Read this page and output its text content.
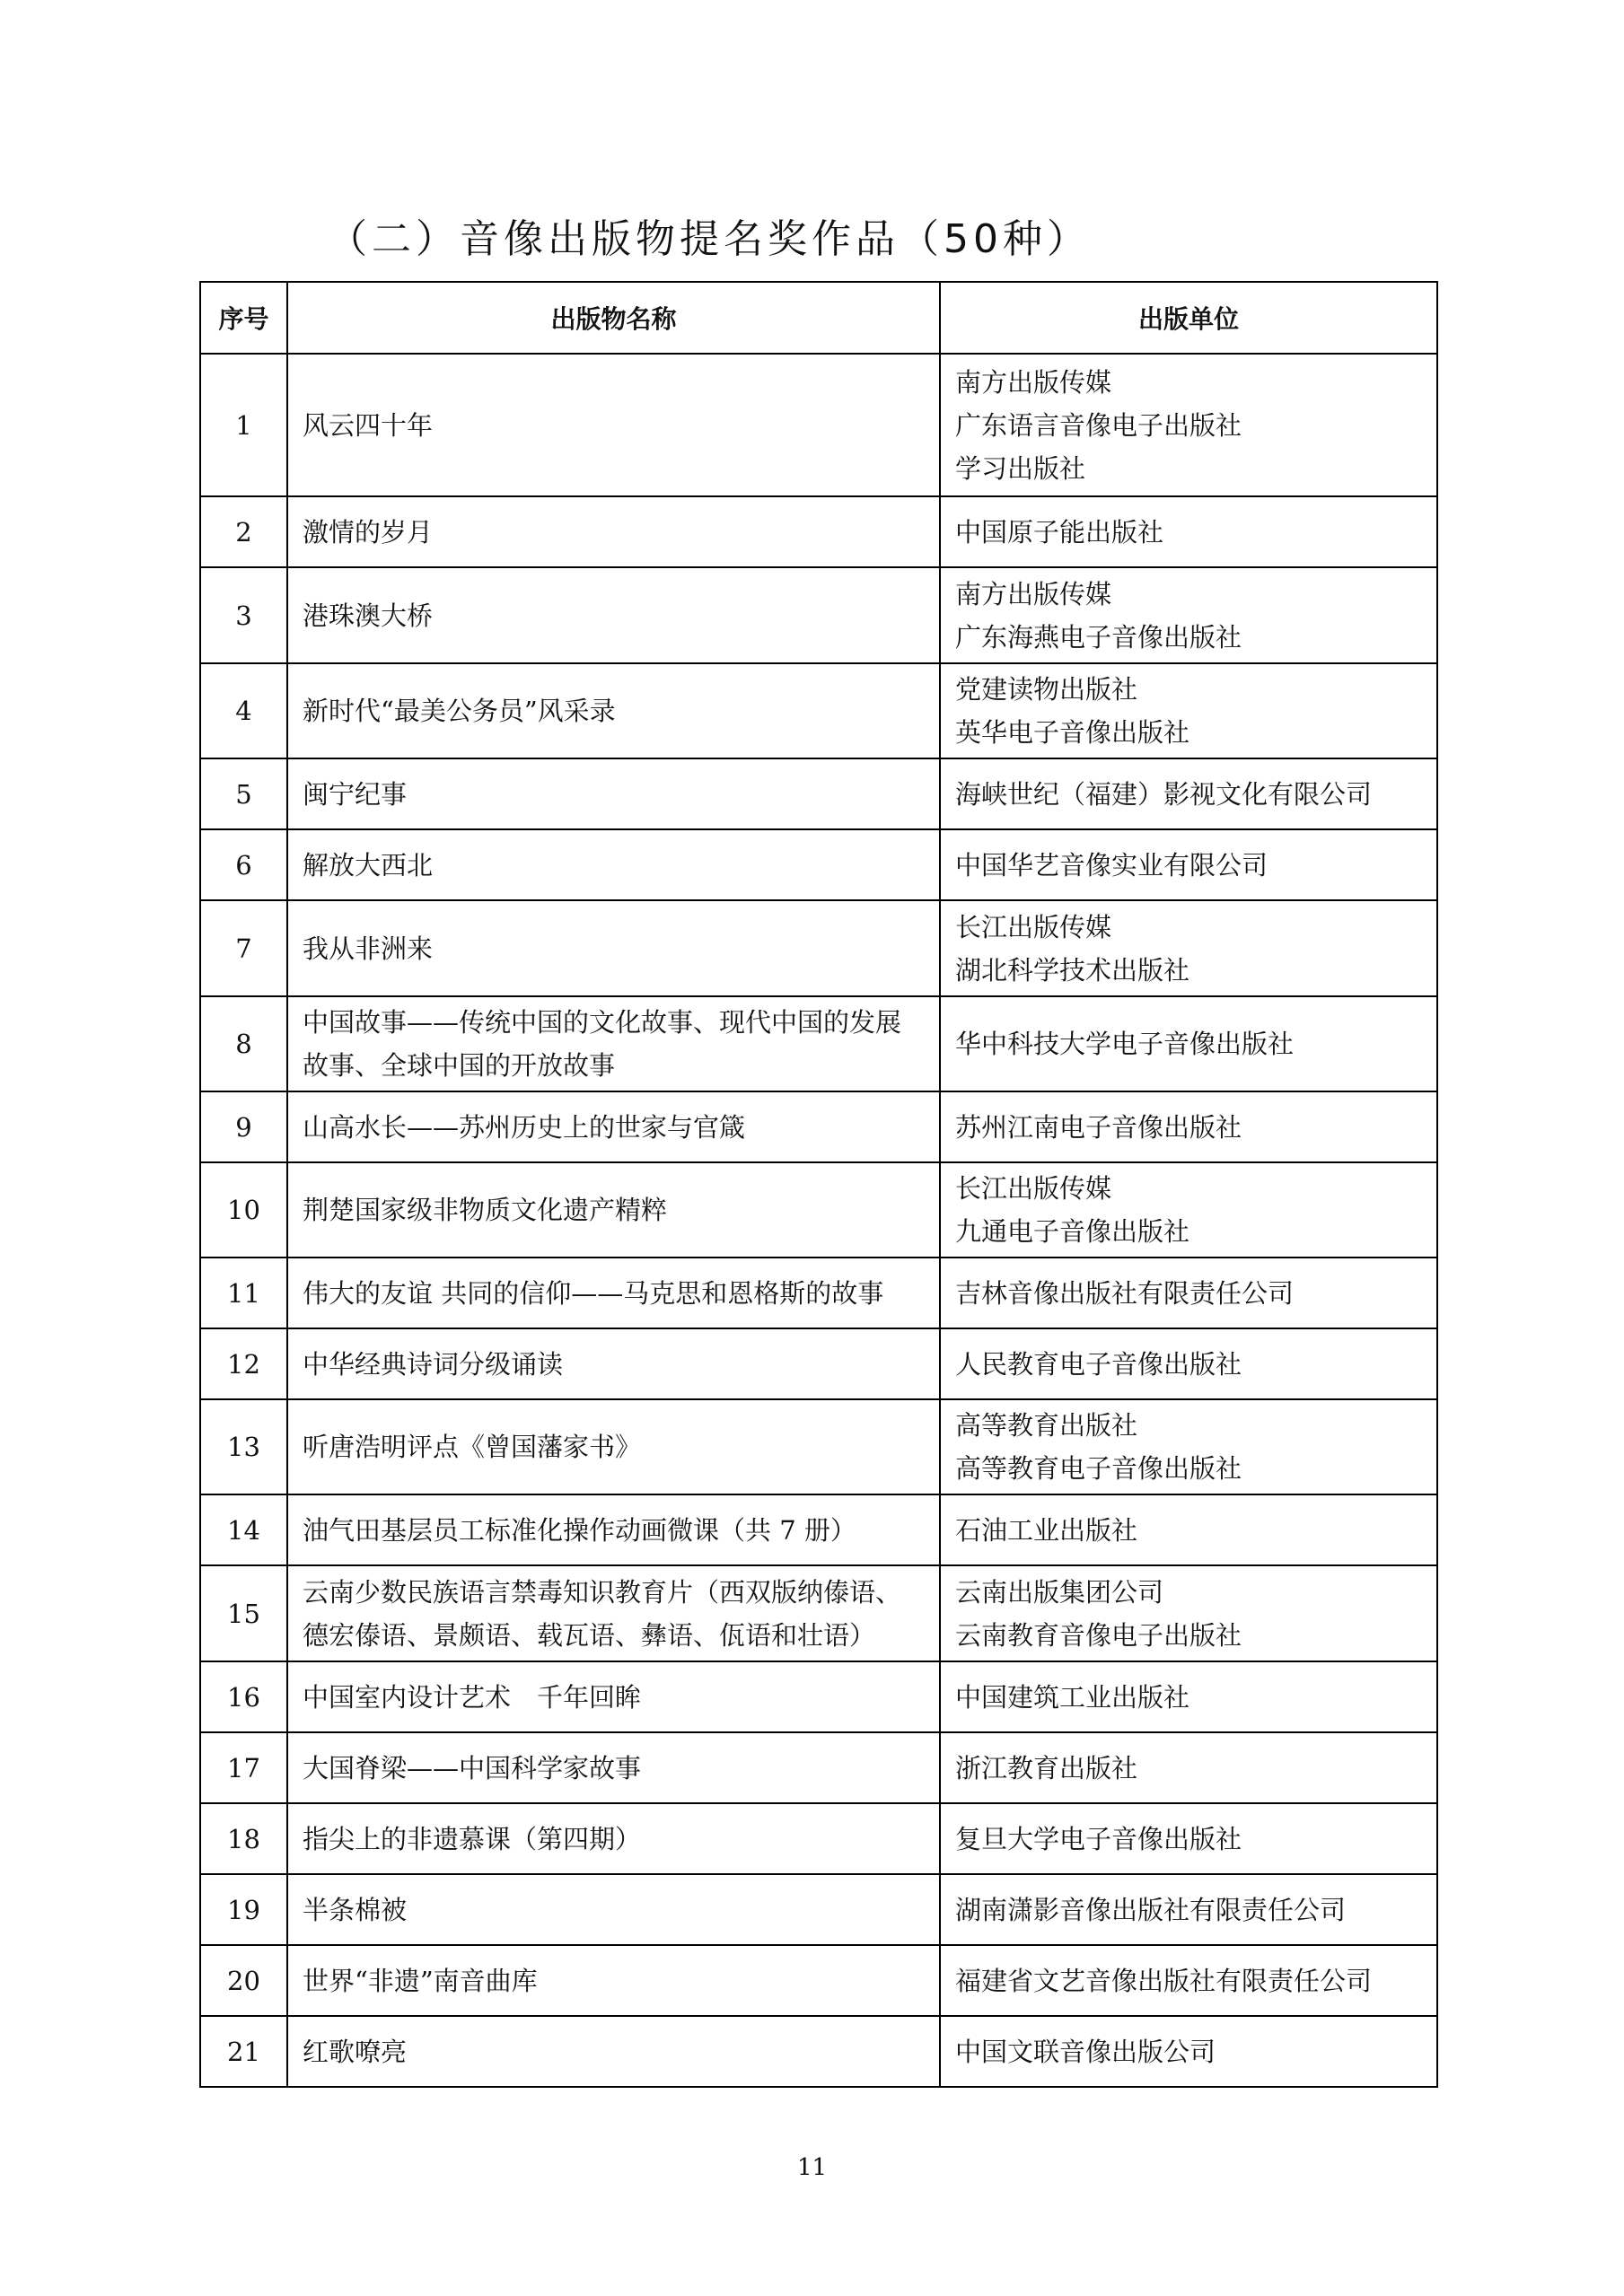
（二）音像出版物提名奖作品（50种）
序号	出版物名称	出版单位
1	风云四十年	南方出版传媒
广东语言音像电子出版社
学习出版社

2	激情的岁月	中国原子能出版社

3	港珠澳大桥	南方出版传媒
广东海燕电子音像出版社

4	新时代“最美公务员”风采录	党建读物出版社
英华电子音像出版社

5	闽宁纪事	海峡世纪（福建）影视文化有限公司

6	解放大西北	中国华艺音像实业有限公司

7	我从非洲来	长江出版传媒
湖北科学技术出版社

8	中国故事——传统中国的文化故事、现代中国的发展
故事、全球中国的开放故事	华中科技大学电子音像出版社

9	山高水长——苏州历史上的世家与官箴	苏州江南电子音像出版社

10	荆楚国家级非物质文化遗产精粹	长江出版传媒
九通电子音像出版社

11	伟大的友谊 共同的信仰——马克思和恩格斯的故事	吉林音像出版社有限责任公司

12	中华经典诗词分级诵读	人民教育电子音像出版社

13	听唐浩明评点《曾国藩家书》	高等教育出版社
高等教育电子音像出版社

14	油气田基层员工标准化操作动画微课（共 7 册）	石油工业出版社

15	云南少数民族语言禁毒知识教育片（西双版纳傣语、
德宏傣语、景颇语、载瓦语、彝语、佤语和壮语）	云南出版集团公司
云南教育音像电子出版社

16	中国室内设计艺术　千年回眸	中国建筑工业出版社

17	大国脊梁——中国科学家故事	浙江教育出版社

18	指尖上的非遗慕课（第四期）	复旦大学电子音像出版社

19	半条棉被	湖南潇影音像出版社有限责任公司

20	世界“非遗”南音曲库	福建省文艺音像出版社有限责任公司

21	红歌嘹亮	中国文联音像出版公司
11
